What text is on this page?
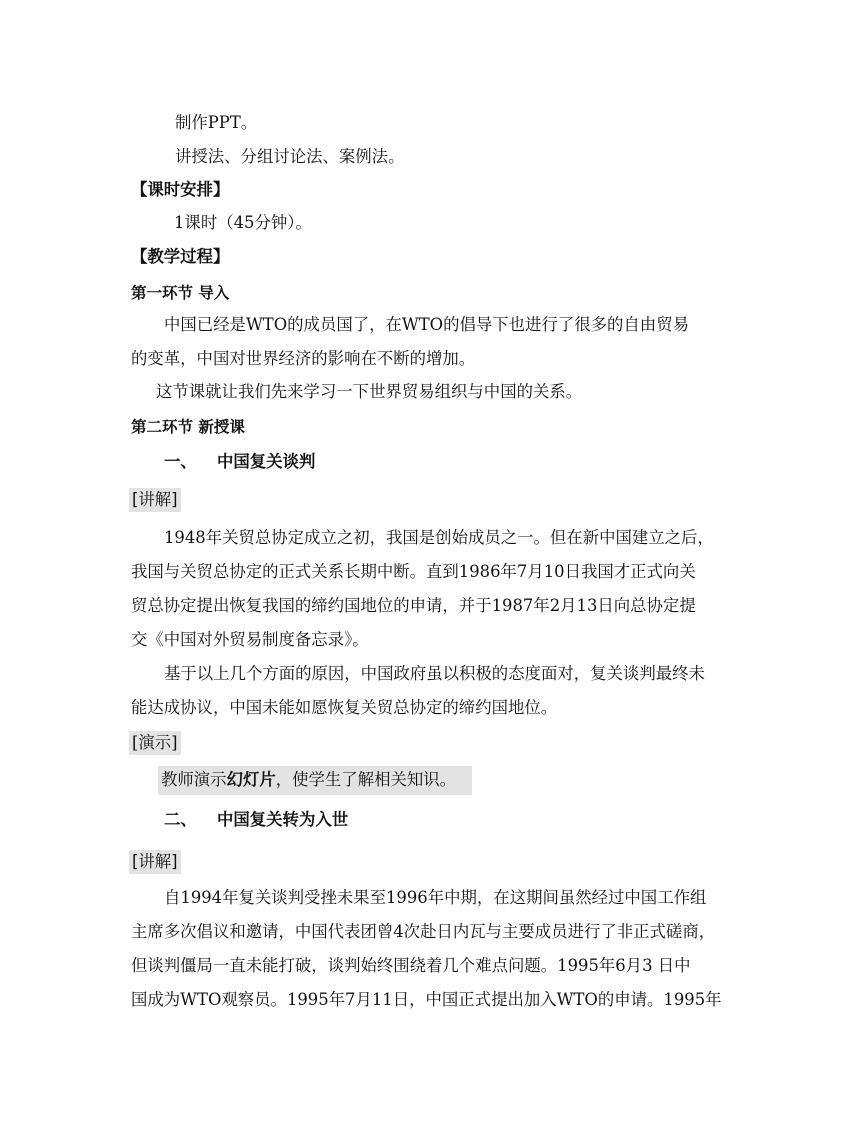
制作PPT。
讲授法、分组讨论法、案例法。
【课时安排】
1课时（45分钟）。
【教学过程】
第一环节 导入
中国已经是WTO的成员国了，在WTO的倡导下也进行了很多的自由贸易
的变革，中国对世界经济的影响在不断的增加。
这节课就让我们先来学习一下世界贸易组织与中国的关系。
第二环节 新授课
一、 中国复关谈判
[讲解]
1948年关贸总协定成立之初，我国是创始成员之一。但在新中国建立之后，
我国与关贸总协定的正式关系长期中断。直到1986年7月10日我国才正式向关
贸总协定提出恢复我国的缔约国地位的申请，并于1987年2月13日向总协定提
交《中国对外贸易制度备忘录》。
基于以上几个方面的原因，中国政府虽以积极的态度面对，复关谈判最终未
能达成协议，中国未能如愿恢复关贸总协定的缔约国地位。
[演示]
教师演示幻灯片，使学生了解相关知识。
二、 中国复关转为入世
[讲解]
自1994年复关谈判受挫未果至1996年中期，在这期间虽然经过中国工作组
主席多次倡议和邀请，中国代表团曾4次赴日内瓦与主要成员进行了非正式磋商，
但谈判僵局一直未能打破，谈判始终围绕着几个难点问题。1995年6月3 日中
国成为WTO观察员。1995年7月11日，中国正式提出加入WTO的申请。1995年
